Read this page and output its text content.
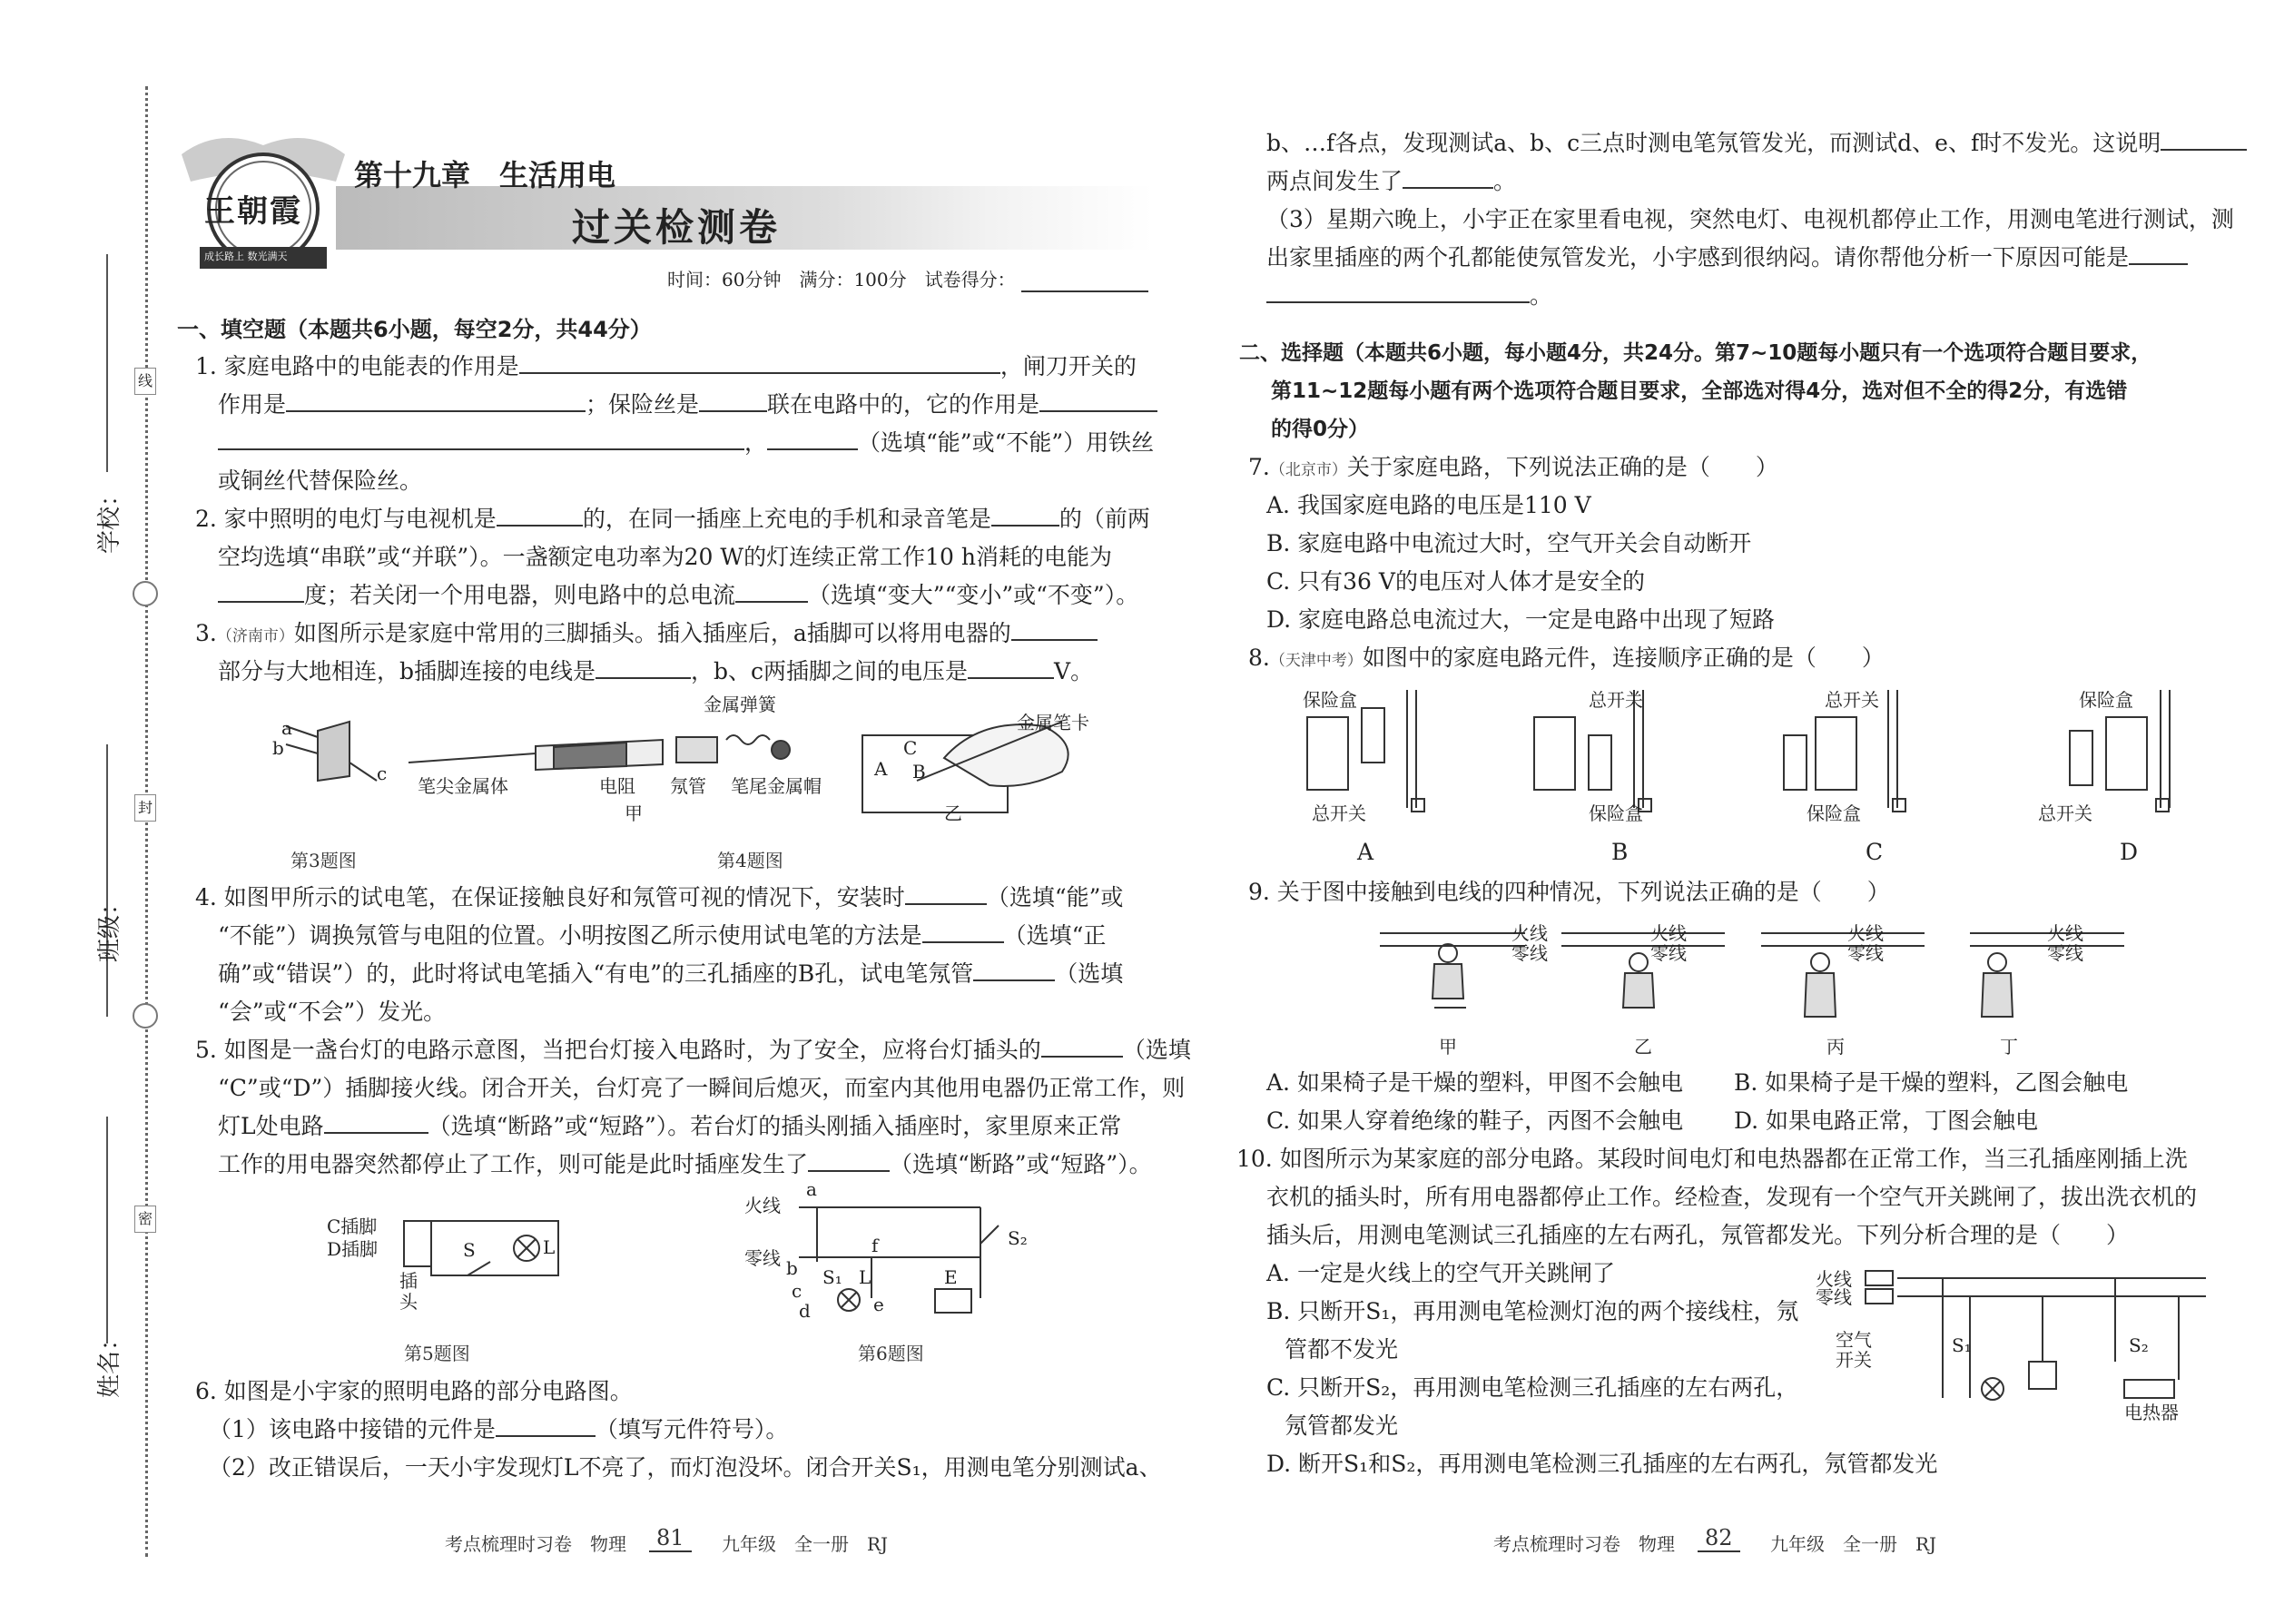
学校：
班级：
姓名：
线
封
密
王朝霞
成长路上 数光满天
第十九章　生活用电
过关检测卷
时间：60分钟　满分：100分　试卷得分：
一、填空题（本题共6小题，每空2分，共44分）
1. 家庭电路中的电能表的作用是	，闸刀开关的
作用是	；保险丝是	联在电路中的，它的作用是
，	（选填“能”或“不能”）用铁丝
或铜丝代替保险丝。
2. 家中照明的电灯与电视机是	的，在同一插座上充电的手机和录音笔是	的（前两
空均选填“串联”或“并联”）。一盏额定电功率为20 W的灯连续正常工作10 h消耗的电能为
度；若关闭一个用电器，则电路中的总电流	（选填“变大”“变小”或“不变”）。
3.（济南市）如图所示是家庭中常用的三脚插头。插入插座后，a插脚可以将用电器的
部分与大地相连，b插脚连接的电线是	，b、c两插脚之间的电压是	V。
a
b
c
笔尖金属体	电阻 氖管 笔尾金属帽
金属弹簧
甲
金属笔卡
A
C
B
乙
第3题图	第4题图
4. 如图甲所示的试电笔，在保证接触良好和氖管可视的情况下，安装时	（选填“能”或
“不能”）调换氖管与电阻的位置。小明按图乙所示使用试电笔的方法是	（选填“正
确”或“错误”）的，此时将试电笔插入“有电”的三孔插座的B孔，试电笔氖管	（选填
“会”或“不会”）发光。
5. 如图是一盏台灯的电路示意图，当把台灯接入电路时，为了安全，应将台灯插头的	（选填
“C”或“D”）插脚接火线。闭合开关，台灯亮了一瞬间后熄灭，而室内其他用电器仍正常工作，则
灯L处电路	（选填“断路”或“短路”）。若台灯的插头刚插入插座时，家里原来正常
工作的用电器突然都停止了工作，则可能是此时插座发生了	（选填“断路”或“短路”）。
C插脚
D插脚
插
头
S	L
火线
零线
a
b
c
d	e
f
S₁ L	E
S₂
第5题图	第6题图
6. 如图是小宇家的照明电路的部分电路图。
（1）该电路中接错的元件是	（填写元件符号）。
（2）改正错误后，一天小宇发现灯L不亮了，而灯泡没坏。闭合开关S₁，用测电笔分别测试a、
考点梳理时习卷　物理	81	九年级　全一册　RJ
b、…f各点，发现测试a、b、c三点时测电笔氖管发光，而测试d、e、f时不发光。这说明
两点间发生了	。
（3）星期六晚上，小宇正在家里看电视，突然电灯、电视机都停止工作，用测电笔进行测试，测
出家里插座的两个孔都能使氖管发光，小宇感到很纳闷。请你帮他分析一下原因可能是
。
二、选择题（本题共6小题，每小题4分，共24分。第7~10题每小题只有一个选项符合题目要求，
第11~12题每小题有两个选项符合题目要求，全部选对得4分，选对但不全的得2分，有选错
的得0分）
7.（北京市）关于家庭电路，下列说法正确的是（　　）
A. 我国家庭电路的电压是110 V
B. 家庭电路中电流过大时，空气开关会自动断开
C. 只有36 V的电压对人体才是安全的
D. 家庭电路总电流过大，一定是电路中出现了短路
8.（天津中考）如图中的家庭电路元件，连接顺序正确的是（　　）
保险盒
总开关
总开关
保险盒
总开关
保险盒
保险盒
总开关
A	B	C	D
9. 关于图中接触到电线的四种情况，下列说法正确的是（　　）
火线
零线
火线
零线
火线
零线
火线
零线
甲	乙	丙	丁
A. 如果椅子是干燥的塑料，甲图不会触电 B. 如果椅子是干燥的塑料，乙图会触电
C. 如果人穿着绝缘的鞋子，丙图不会触电 D. 如果电路正常，丁图会触电
10. 如图所示为某家庭的部分电路。某段时间电灯和电热器都在正常工作，当三孔插座刚插上洗
衣机的插头时，所有用电器都停止工作。经检查，发现有一个空气开关跳闸了，拔出洗衣机的
插头后，用测电笔测试三孔插座的左右两孔，氖管都发光。下列分析合理的是（　　）
A. 一定是火线上的空气开关跳闸了
B. 只断开S₁，再用测电笔检测灯泡的两个接线柱，氖
管都不发光
C. 只断开S₂，再用测电笔检测三孔插座的左右两孔，
氖管都发光
D. 断开S₁和S₂，再用测电笔检测三孔插座的左右两孔，氖管都发光
火线
零线
空气
开关
S₁	S₂
电热器
考点梳理时习卷　物理	82	九年级　全一册　RJ
